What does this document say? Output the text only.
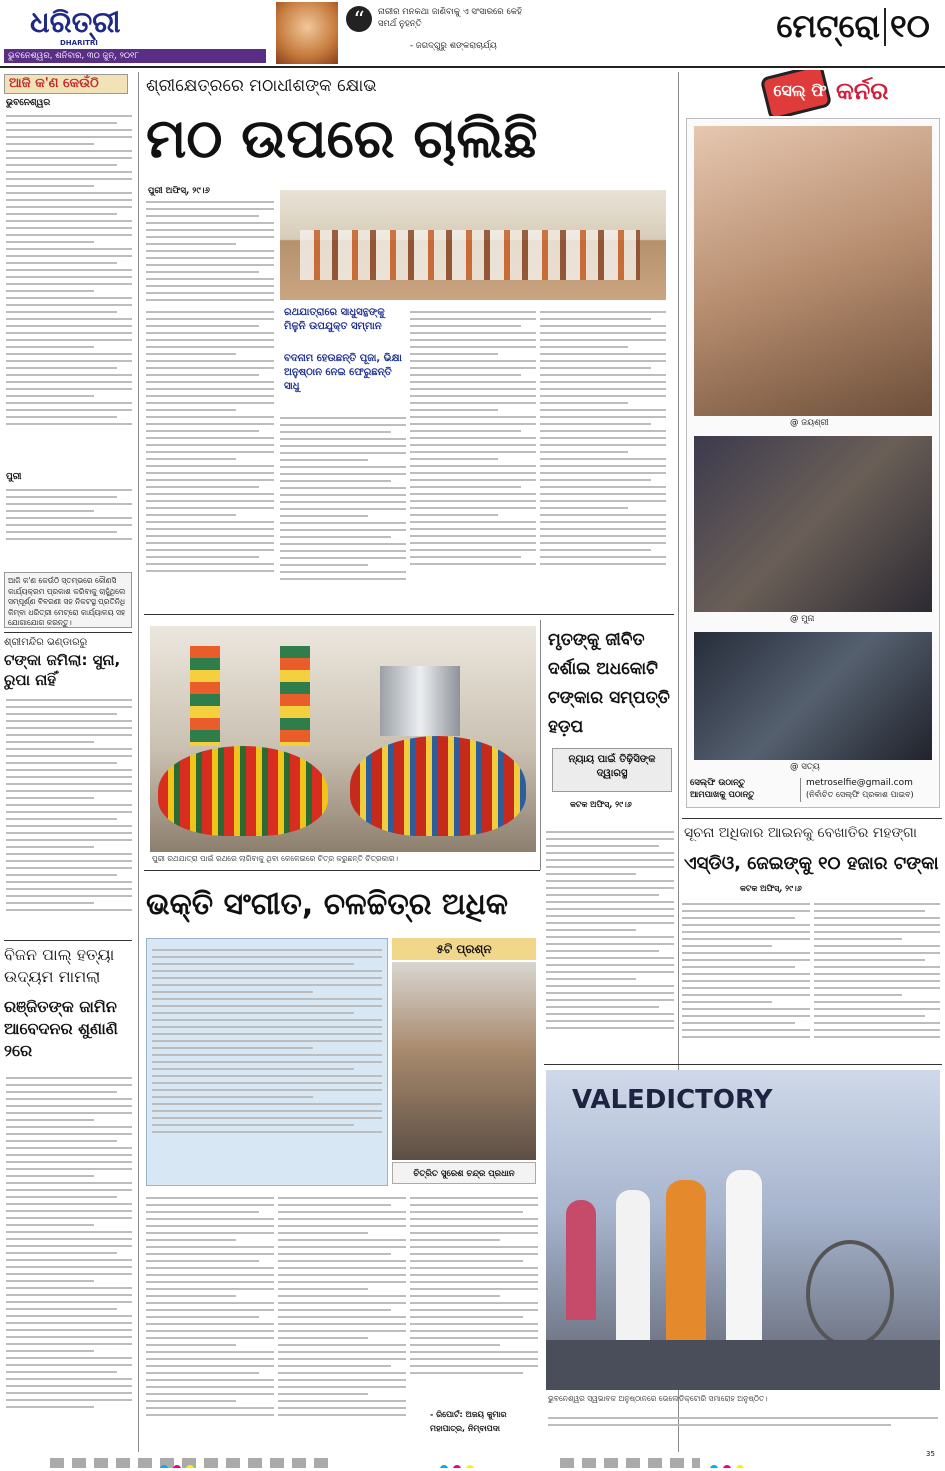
ଧରିତ୍ରୀ
DHARITRI
ଭୁବନେଶ୍ୱର, ଶନିବାର, ୩୦ ଜୁନ୍, ୨୦୧୮
“	ନାରୀର ମନକଥା ଜାଣିବାକୁ ଏ ସଂସାରରେ କେହି ସମର୍ଥ ନୁହନ୍ତି
- ଜଗଦ୍ଗୁରୁ ଶଙ୍କରାଚାର୍ଯ୍ୟ
ମେଟ୍ରୋ ୧୦
ଆଜି କ'ଣ କେଉଁଠି
ଭୁବନେଶ୍ୱର
ପୁରୀ
ଆଜି କ'ଣ କେଉଁଠି ସ୍ତମ୍ଭରେ କୌଣସି କାର୍ଯ୍ୟକ୍ରମ ପ୍ରକାଶ କରିବାକୁ ଚାହୁଁଥିଲେ ସମ୍ପୂର୍ଣ୍ଣ ବିବରଣୀ ସହ ନିକଟସ୍ଥ ପ୍ରତିନିଧି କିମ୍ବା ଧରିତ୍ରୀ ମେଟ୍ରୋ କାର୍ଯ୍ୟାଳୟ ସହ ଯୋଗାଯୋଗ କରନ୍ତୁ।
ଶ୍ରୀମନ୍ଦିର ଭଣ୍ଡାରରୁ
ଟଙ୍କା ଜମିଲା: ସୁନା, ରୁପା ନାହିଁ
ବିଜନ ପାଲ୍ ହତ୍ୟା ଉଦ୍ୟମ ମାମଲା
ରଞ୍ଜିତଙ୍କ ଜାମିନ ଆବେଦନର ଶୁଣାଣି ୨ରେ
ଶ୍ରୀକ୍ଷେତ୍ରରେ ମଠାଧୀଶଙ୍କ କ୍ଷୋଭ
ମଠ ଉପରେ ଚାଲିଛି
ପୁରୀ ଅଫିସ୍, ୨୯।୬
ରଥଯାତ୍ରାରେ ସାଧୁସନ୍ଥଙ୍କୁ ମିଳୁନି ଉପଯୁକ୍ତ ସମ୍ମାନ
ବଦନାମ ହେଉଛନ୍ତି ପୂଜା, ଭିକ୍ଷା ଅନୁଷ୍ଠାନ ନେଇ ଫେରୁଛନ୍ତି ସାଧୁ
ସେଲ୍ ଫି କର୍ନର
@ ଜୟଶ୍ରୀ
@ ମୁନା
@ ସତ୍ୟ
ସେଲ୍ଫି ଉଠାନ୍ତୁ
ଆମପାଖକୁ ପଠାନ୍ତୁ
metroselfie@gmail.com
(ନିର୍ବାଚିତ ସେଲ୍ଫି ପ୍ରକାଶ ପାଇବ)
ପୁରୀ ରଥଯାତ୍ରା ପାଇଁ ରଥରେ ଲାଗିବାକୁ ଥିବା କେଳେଇରେ ଚିତ୍ର କରୁଛନ୍ତି ଚିତ୍ରକାର।
ମୃତଙ୍କୁ ଜୀବିତ ଦର୍ଶାଇ ଅଧକୋଟି ଟଙ୍କାର ସମ୍ପତ୍ତି ହଡ଼ପ
ନ୍ୟାୟ ପାଇଁ ତିଢ଼ିସିଙ୍କ ଦ୍ୱାରସ୍ଥ
କଟକ ଅଫିସ୍, ୨୯।୬
ସୂଚନା ଅଧିକାର ଆଇନକୁ ବେଖାତିର ମହଙ୍ଗା
ଏସ୍‌ଡିଓ, ଜେଇଙ୍କୁ ୧୦ ହଜାର ଟଙ୍କା
କଟକ ଅଫିସ୍, ୨୯।୬
ଭକ୍ତି ସଂଗୀତ, ଚଳଚ୍ଚିତ୍ର ଅଧିକ
୫ଟି ପ୍ରଶ୍ନ
ଚିତ୍ରିତ ସୁରେଶ ଚନ୍ଦ୍ର ପ୍ରଧାନ
- ରିପୋର୍ଟ: ଅଜୟ କୁମାର
ମହାପାତ୍ର, ନିମ୍ବାପଦା
VALEDICTORY
ଭୁବନେଶ୍ୱର ସ୍ୱଭାବକ ଅନୁଷ୍ଠାନରେ ଭେଲେଡିକ୍ଟୋରି ସମାରୋହ ଅନୁଷ୍ଠିତ।

35
